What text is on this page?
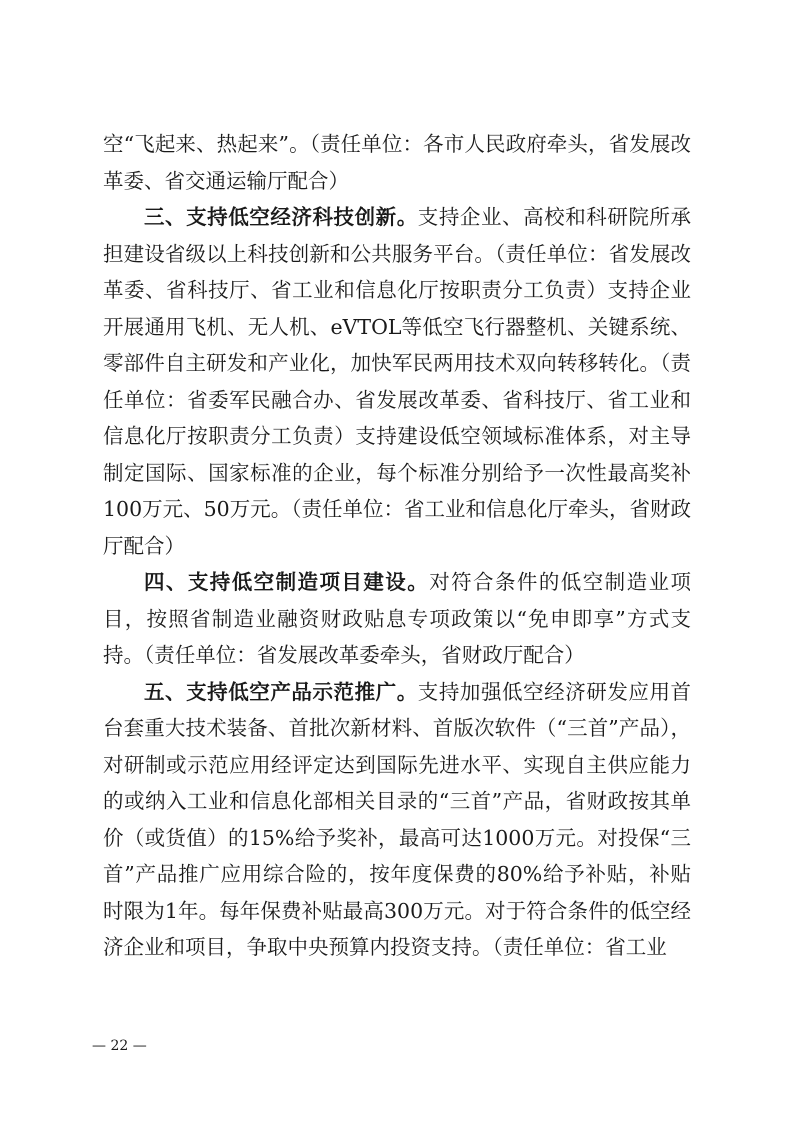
空“飞起来、热起来”。（责任单位：各市人民政府牵头，省发展改革委、省交通运输厅配合）

三、支持低空经济科技创新。支持企业、高校和科研院所承担建设省级以上科技创新和公共服务平台。（责任单位：省发展改革委、省科技厅、省工业和信息化厅按职责分工负责）支持企业开展通用飞机、无人机、eVTOL等低空飞行器整机、关键系统、零部件自主研发和产业化，加快军民两用技术双向转移转化。（责任单位：省委军民融合办、省发展改革委、省科技厅、省工业和信息化厅按职责分工负责）支持建设低空领域标准体系，对主导制定国际、国家标准的企业，每个标准分别给予一次性最高奖补100万元、50万元。（责任单位：省工业和信息化厅牵头，省财政厅配合）

四、支持低空制造项目建设。对符合条件的低空制造业项目，按照省制造业融资财政贴息专项政策以“免申即享”方式支持。（责任单位：省发展改革委牵头，省财政厅配合）

五、支持低空产品示范推广。支持加强低空经济研发应用首台套重大技术装备、首批次新材料、首版次软件（“三首”产品），对研制或示范应用经评定达到国际先进水平、实现自主供应能力的或纳入工业和信息化部相关目录的“三首”产品，省财政按其单价（或货值）的15%给予奖补，最高可达1000万元。对投保“三首”产品推广应用综合险的，按年度保费的80%给予补贴，补贴时限为1年。每年保费补贴最高300万元。对于符合条件的低空经济企业和项目，争取中央预算内投资支持。（责任单位：省工业

— 22 —
